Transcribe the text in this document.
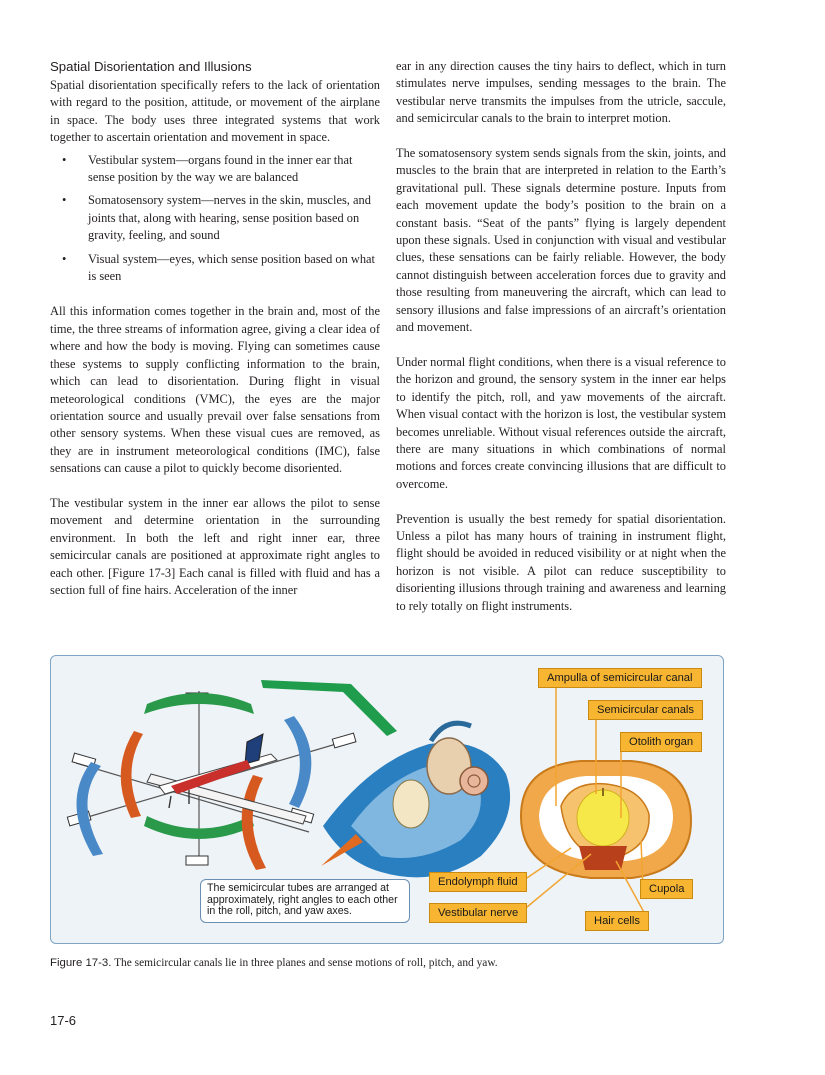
Spatial Disorientation and Illusions

Spatial disorientation specifically refers to the lack of orientation with regard to the position, attitude, or movement of the airplane in space. The body uses three integrated systems that work together to ascertain orientation and movement in space.

• Vestibular system—organs found in the inner ear that sense position by the way we are balanced
• Somatosensory system—nerves in the skin, muscles, and joints that, along with hearing, sense position based on gravity, feeling, and sound
• Visual system—eyes, which sense position based on what is seen

All this information comes together in the brain and, most of the time, the three streams of information agree, giving a clear idea of where and how the body is moving. Flying can sometimes cause these systems to supply conflicting information to the brain, which can lead to disorientation. During flight in visual meteorological conditions (VMC), the eyes are the major orientation source and usually prevail over false sensations from other sensory systems. When these visual cues are removed, as they are in instrument meteorological conditions (IMC), false sensations can cause a pilot to quickly become disoriented.

The vestibular system in the inner ear allows the pilot to sense movement and determine orientation in the surrounding environment. In both the left and right inner ear, three semicircular canals are positioned at approximate right angles to each other. [Figure 17-3] Each canal is filled with fluid and has a section full of fine hairs. Acceleration of the inner

ear in any direction causes the tiny hairs to deflect, which in turn stimulates nerve impulses, sending messages to the brain. The vestibular nerve transmits the impulses from the utricle, saccule, and semicircular canals to the brain to interpret motion.

The somatosensory system sends signals from the skin, joints, and muscles to the brain that are interpreted in relation to the Earth’s gravitational pull. These signals determine posture. Inputs from each movement update the body’s position to the brain on a constant basis. “Seat of the pants” flying is largely dependent upon these signals. Used in conjunction with visual and vestibular clues, these sensations can be fairly reliable. However, the body cannot distinguish between acceleration forces due to gravity and those resulting from maneuvering the aircraft, which can lead to sensory illusions and false impressions of an aircraft’s orientation and movement.

Under normal flight conditions, when there is a visual reference to the horizon and ground, the sensory system in the inner ear helps to identify the pitch, roll, and yaw movements of the aircraft. When visual contact with the horizon is lost, the vestibular system becomes unreliable. Without visual references outside the aircraft, there are many situations in which combinations of normal motions and forces create convincing illusions that are difficult to overcome.

Prevention is usually the best remedy for spatial disorientation. Unless a pilot has many hours of training in instrument flight, flight should be avoided in reduced visibility or at night when the horizon is not visible. A pilot can reduce susceptibility to disorienting illusions through training and awareness and learning to rely totally on flight instruments.

Ampulla of semicircular canal
Semicircular canals
Otolith organ
Endolymph fluid
Vestibular nerve
Cupola
Hair cells
The semicircular tubes are arranged at approximately, right angles to each other in the roll, pitch, and yaw axes.
Figure 17-3. The semicircular canals lie in three planes and sense motions of roll, pitch, and yaw.
17-6
